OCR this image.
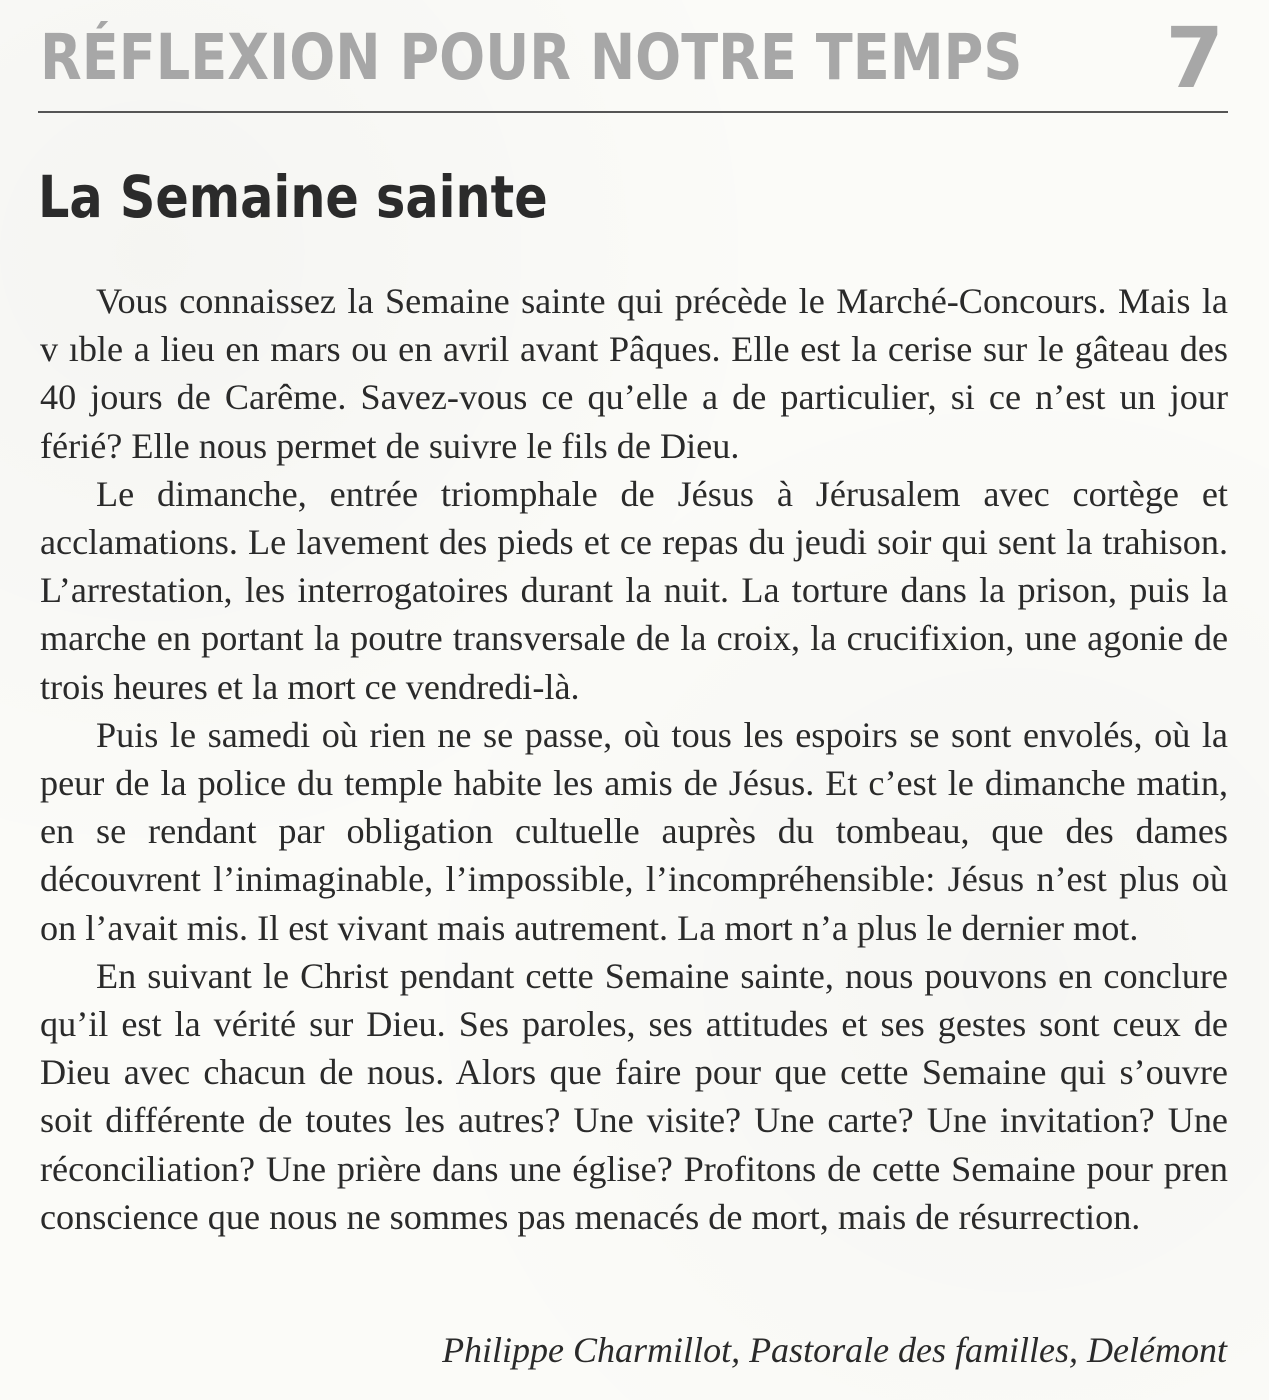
RÉFLEXION POUR NOTRE TEMPS 7
La Semaine sainte

Vous connaissez la Semaine sainte qui précède le Marché-Concours. Mais la v ıble a lieu en mars ou en avril avant Pâques. Elle est la cerise sur le gâteau des 40 jours de Carême. Savez-vous ce qu’elle a de particulier, si ce n’est un jour férié? Elle nous permet de suivre le fils de Dieu.

Le dimanche, entrée triomphale de Jésus à Jérusalem avec cortège et acclamations. Le lavement des pieds et ce repas du jeudi soir qui sent la trahison. L’arrestation, les interrogatoires durant la nuit. La torture dans la prison, puis la marche en portant la poutre transversale de la croix, la crucifixion, une agonie de trois heures et la mort ce vendredi-là.

Puis le samedi où rien ne se passe, où tous les espoirs se sont envolés, où la peur de la police du temple habite les amis de Jésus. Et c’est le dimanche matin, en se rendant par obligation cultuelle auprès du tombeau, que des dames découvrent l’inimaginable, l’impossible, l’incompréhensible: Jésus n’est plus où on l’avait mis. Il est vivant mais autrement. La mort n’a plus le dernier mot.

En suivant le Christ pendant cette Semaine sainte, nous pouvons en conclure qu’il est la vérité sur Dieu. Ses paroles, ses attitudes et ses gestes sont ceux de Dieu avec chacun de nous. Alors que faire pour que cette Semaine qui s’ouvre soit différente de toutes les autres? Une visite? Une carte? Une invitation? Une réconciliation? Une prière dans une église? Profitons de cette Semaine pour pren conscience que nous ne sommes pas menacés de mort, mais de résurrection.

Philippe Charmillot, Pastorale des familles, Delémont
